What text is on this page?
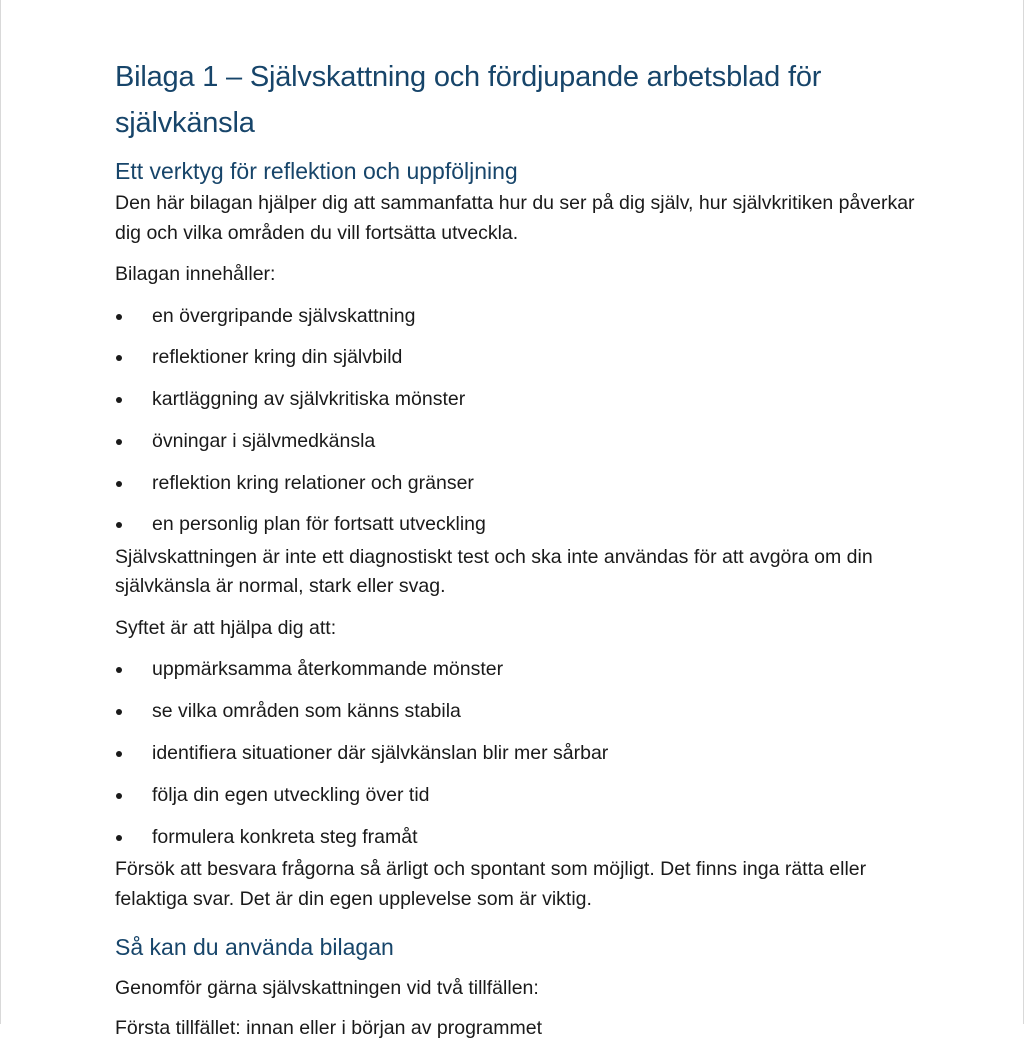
Bilaga 1 – Självskattning och fördjupande arbetsblad för självkänsla
Ett verktyg för reflektion och uppföljning

Den här bilagan hjälper dig att sammanfatta hur du ser på dig själv, hur självkritiken påverkar dig och vilka områden du vill fortsätta utveckla.

Bilagan innehåller:

en övergripande självskattning
reflektioner kring din självbild
kartläggning av självkritiska mönster
övningar i självmedkänsla
reflektion kring relationer och gränser
en personlig plan för fortsatt utveckling

Självskattningen är inte ett diagnostiskt test och ska inte användas för att avgöra om din självkänsla är normal, stark eller svag.

Syftet är att hjälpa dig att:

uppmärksamma återkommande mönster
se vilka områden som känns stabila
identifiera situationer där självkänslan blir mer sårbar
följa din egen utveckling över tid
formulera konkreta steg framåt

Försök att besvara frågorna så ärligt och spontant som möjligt. Det finns inga rätta eller felaktiga svar. Det är din egen upplevelse som är viktig.

Så kan du använda bilagan

Genomför gärna självskattningen vid två tillfällen:

Första tillfället: innan eller i början av programmet
